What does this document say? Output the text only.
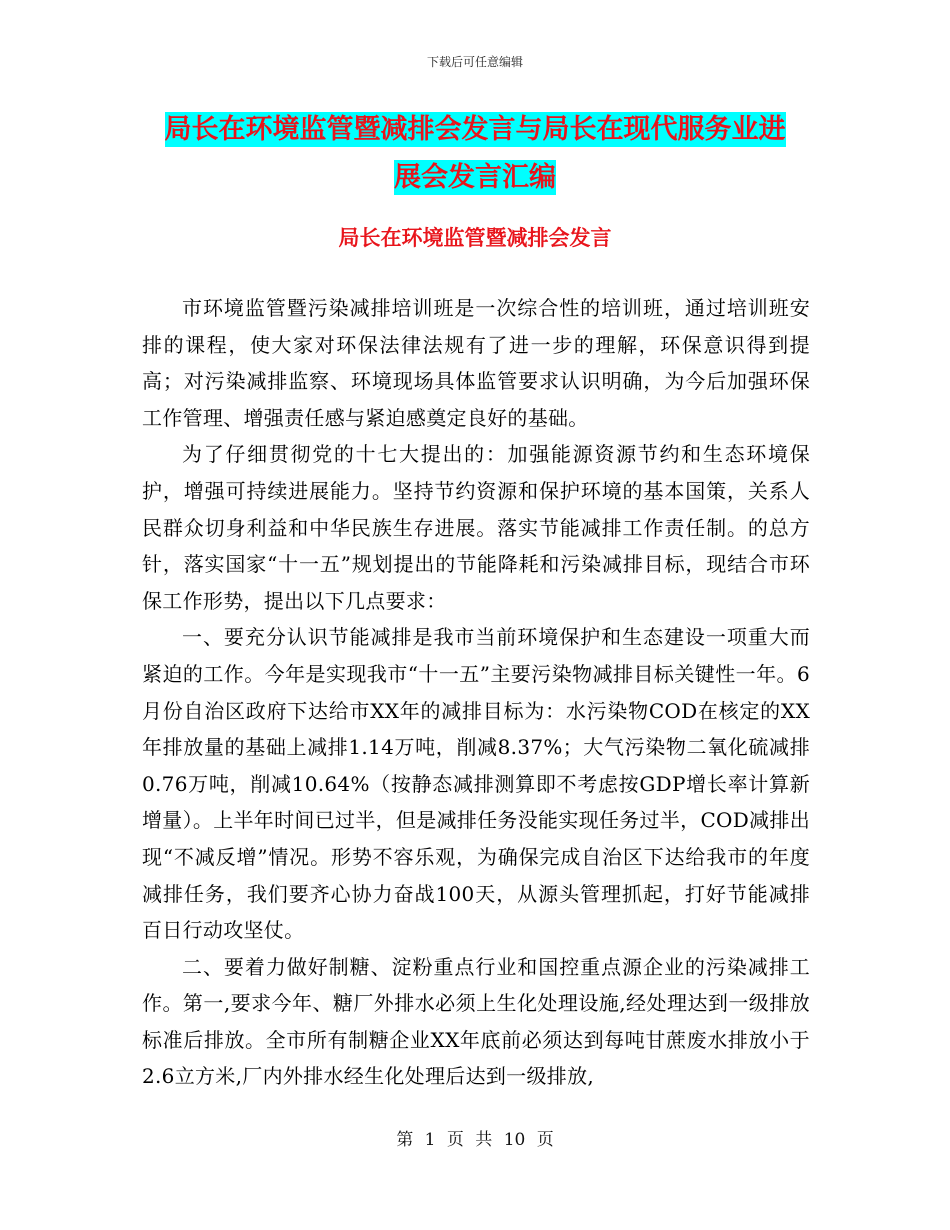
下载后可任意编辑
局长在环境监管暨减排会发言与局长在现代服务业进
展会发言汇编
局长在环境监管暨减排会发言

市环境监管暨污染减排培训班是一次综合性的培训班，通过培训班安排的课程，使大家对环保法律法规有了进一步的理解，环保意识得到提高；对污染减排监察、环境现场具体监管要求认识明确，为今后加强环保工作管理、增强责任感与紧迫感奠定良好的基础。

为了仔细贯彻党的十七大提出的：加强能源资源节约和生态环境保护，增强可持续进展能力。坚持节约资源和保护环境的基本国策，关系人民群众切身利益和中华民族生存进展。落实节能减排工作责任制。的总方针，落实国家“十一五”规划提出的节能降耗和污染减排目标，现结合市环保工作形势，提出以下几点要求：

一、要充分认识节能减排是我市当前环境保护和生态建设一项重大而紧迫的工作。今年是实现我市“十一五”主要污染物减排目标关键性一年。6月份自治区政府下达给市XX年的减排目标为：水污染物COD在核定的XX年排放量的基础上减排1.14万吨，削减8.37%；大气污染物二氧化硫减排0.76万吨，削减10.64%（按静态减排测算即不考虑按GDP增长率计算新增量）。上半年时间已过半，但是减排任务没能实现任务过半，COD减排出现“不减反增”情况。形势不容乐观，为确保完成自治区下达给我市的年度减排任务，我们要齐心协力奋战100天，从源头管理抓起，打好节能减排百日行动攻坚仗。

二、要着力做好制糖、淀粉重点行业和国控重点源企业的污染减排工作。第一,要求今年、糖厂外排水必须上生化处理设施,经处理达到一级排放标准后排放。全市所有制糖企业XX年底前必须达到每吨甘蔗废水排放小于2.6立方米,厂内外排水经生化处理后达到一级排放,

第 1 页 共 10 页
